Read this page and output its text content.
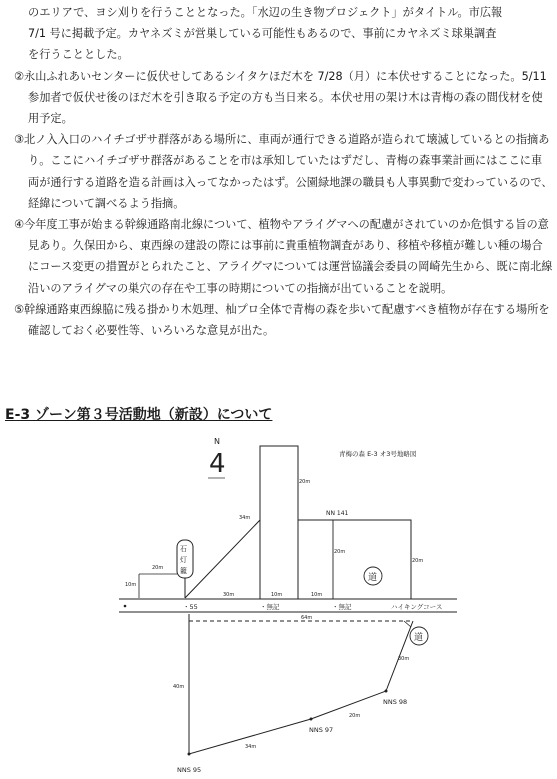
のエリアで、ヨシ刈りを行うこととなった。「水辺の生き物プロジェクト」がタイトル。市広報

7/1 号に掲載予定。カヤネズミが営巣している可能性もあるので、事前にカヤネズミ球巣調査

を行うこととした。

②永山ふれあいセンターに仮伏せしてあるシイタケほだ木を 7/28（月）に本伏せすることになった。5/11 参加者で仮伏せ後のほだ木を引き取る予定の方も当日来る。本伏せ用の架け木は青梅の森の間伐材を使用予定。

③北ノ入入口のハイチゴザサ群落がある場所に、車両が通行できる道路が造られて壊滅しているとの指摘あり。ここにハイチゴザサ群落があることを市は承知していたはずだし、青梅の森事業計画にはここに車両が通行する道路を造る計画は入ってなかったはず。公園緑地課の職員も人事異動で変わっているので、経緯について調べるよう指摘。

④今年度工事が始まる幹線通路南北線について、植物やアライグマへの配慮がされていのか危惧する旨の意見あり。久保田から、東西線の建設の際には事前に貴重植物調査があり、移植や移植が難しい種の場合にコース変更の措置がとられたこと、アライグマについては運営協議会委員の岡崎先生から、既に南北線沿いのアライグマの巣穴の存在や工事の時期についての指摘が出ていることを説明。

⑤幹線通路東西線脇に残る掛かり木処理、杣プロ全体で青梅の森を歩いて配慮すべき植物が存在する場所を確認しておく必要性等、いろいろな意見が出た。

E-3 ゾーン第３号活動地（新設）について
N
4	青梅の森 E-3 オ3号地略図
20m
NN 141
20m
20m
34m
石
灯
籠
20m
10m
30m	10m	10m
道
・55	・無記	・無記	ハイキングコース
64m
40m
34m
20m
30m
NNS 95
NNS 97
NNS 98
道
